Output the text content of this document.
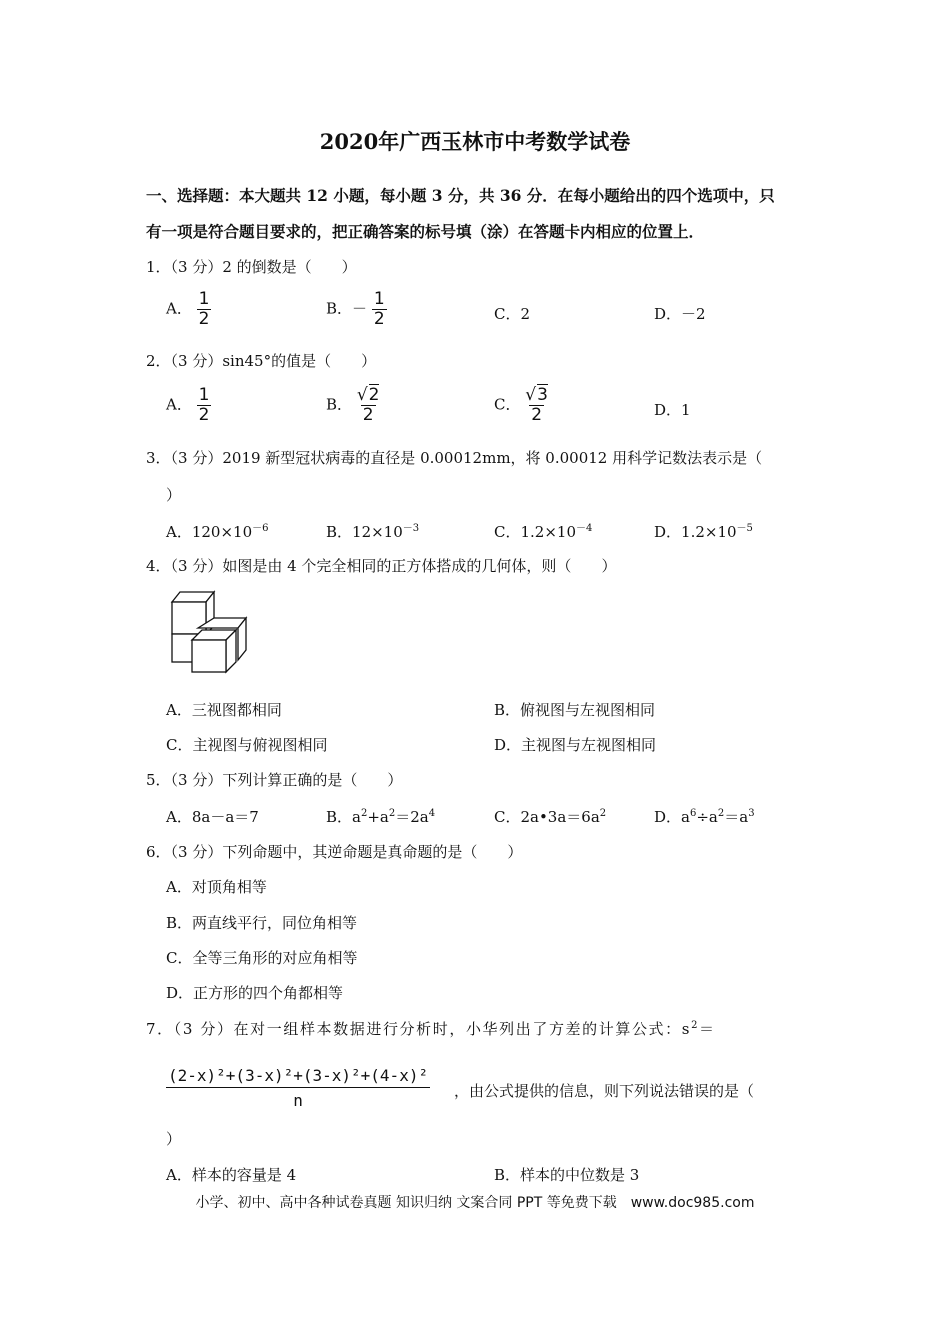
2020年广西玉林市中考数学试卷
一、选择题：本大题共 12 小题，每小题 3 分，共 36 分．在每小题给出的四个选项中，只
有一项是符合题目要求的，把正确答案的标号填（涂）在答题卡内相应的位置上．
1．（3 分）2 的倒数是（　　）
A． $\frac{1}{2}$	B．－ $\frac{1}{2}$	C．2	D．－2
2．（3 分）sin45°的值是（　　）
A． $\frac{1}{2}$	B． $\frac{√2}{2}$	C． $\frac{√3}{2}$	D．1
3．（3 分）2019 新型冠状病毒的直径是 0.00012mm，将 0.00012 用科学记数法表示是（
）
A．$120\times 10^{-6}$	B．$12\times 10^{-3}$	C．$1.2\times 10^{-4}$	D．$1.2\times 10^{-5}$
4．（3 分）如图是由 4 个完全相同的正方体搭成的几何体，则（　　）
A．三视图都相同	B．俯视图与左视图相同
C．主视图与俯视图相同	D．主视图与左视图相同
5．（3 分）下列计算正确的是（　　）
A．8a－a＝7	B．$a^2+a^2=2a^4$	C．$2a•3a=6a^2$	D．$a^6\div a^2=a^3$
6．（3 分）下列命题中，其逆命题是真命题的是（　　）
A．对顶角相等
B．两直线平行，同位角相等
C．全等三角形的对应角相等
D．正方形的四个角都相等
7．（3 分）在对一组样本数据进行分析时，小华列出了方差的计算公式：$s^2=$
$\frac{\text{(2-x)²+(3-x)²+(3-x)²+(4-x)²}}{n}$ ，由公式提供的信息，则下列说法错误的是（
）
A．样本的容量是 4	B．样本的中位数是 3
小学、初中、高中各种试卷真题 知识归纳 文案合同 PPT 等免费下载　www.doc985.com
